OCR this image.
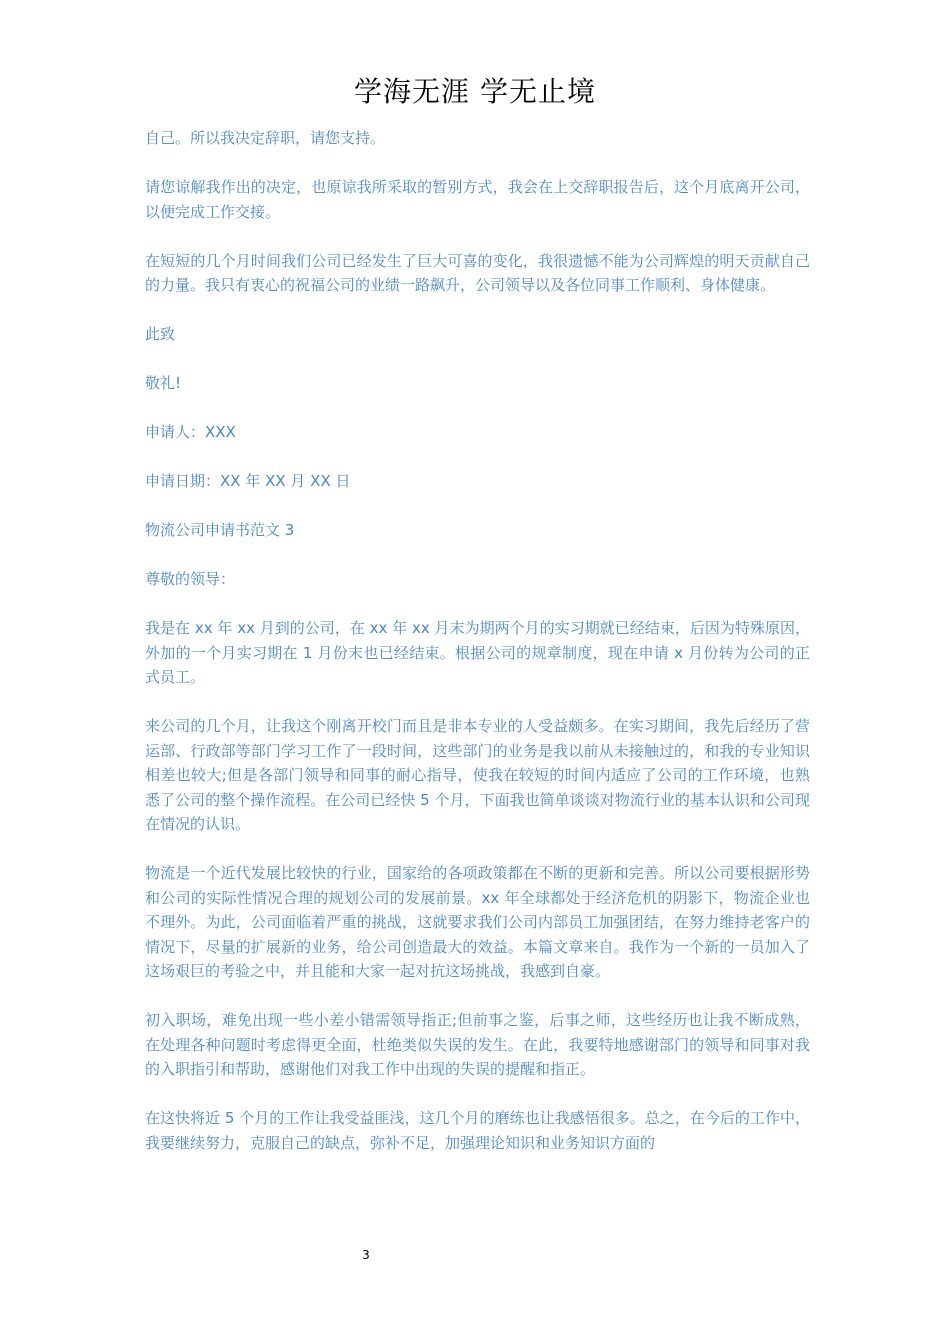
学海无涯 学无止境

自己。所以我决定辞职，请您支持。

请您谅解我作出的决定，也原谅我所采取的暂别方式，我会在上交辞职报告后，这个月底离开公司，以便完成工作交接。

在短短的几个月时间我们公司已经发生了巨大可喜的变化，我很遗憾不能为公司辉煌的明天贡献自己的力量。我只有衷心的祝福公司的业绩一路飙升，公司领导以及各位同事工作顺利、身体健康。

此致

敬礼!

申请人：XXX

申请日期：XX 年 XX 月 XX 日

物流公司申请书范文 3

尊敬的领导：

我是在 xx 年 xx 月到的公司，在 xx 年 xx 月末为期两个月的实习期就已经结束，后因为特殊原因，外加的一个月实习期在 1 月份末也已经结束。根据公司的规章制度，现在申请 x 月份转为公司的正式员工。

来公司的几个月，让我这个刚离开校门而且是非本专业的人受益颇多。在实习期间，我先后经历了营运部、行政部等部门学习工作了一段时间，这些部门的业务是我以前从未接触过的，和我的专业知识相差也较大;但是各部门领导和同事的耐心指导，使我在较短的时间内适应了公司的工作环境，也熟悉了公司的整个操作流程。在公司已经快 5 个月，下面我也简单谈谈对物流行业的基本认识和公司现在情况的认识。

物流是一个近代发展比较快的行业，国家给的各项政策都在不断的更新和完善。所以公司要根据形势和公司的实际性情况合理的规划公司的发展前景。xx 年全球都处于经济危机的阴影下，物流企业也不理外。为此，公司面临着严重的挑战，这就要求我们公司内部员工加强团结，在努力维持老客户的情况下，尽量的扩展新的业务，给公司创造最大的效益。本篇文章来自。我作为一个新的一员加入了这场艰巨的考验之中，并且能和大家一起对抗这场挑战，我感到自豪。

初入职场，难免出现一些小差小错需领导指正;但前事之鉴，后事之师，这些经历也让我不断成熟，在处理各种问题时考虑得更全面，杜绝类似失误的发生。在此，我要特地感谢部门的领导和同事对我的入职指引和帮助，感谢他们对我工作中出现的失误的提醒和指正。

在这快将近 5 个月的工作让我受益匪浅，这几个月的磨练也让我感悟很多。总之，在今后的工作中，我要继续努力，克服自己的缺点，弥补不足，加强理论知识和业务知识方面的

3
